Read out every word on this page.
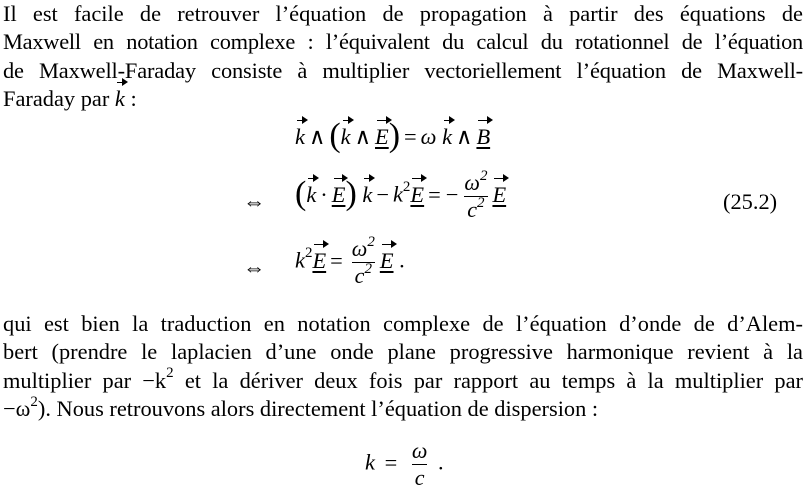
Il est facile de retrouver l’équation de propagation à partir des équations de

Maxwell en notation complexe : l’équivalent du calcul du rotationnel de l’équation

de Maxwell-Faraday consiste à multiplier vectoriellement l’équation de Maxwell-

Faraday par k :

k ∧ (k ∧ E) = ω k ∧ B
⇔ (k · E) $k - k^2E$ = − $\frac{\omega^2}{c^2}$ E	(25.2)
⇔ $k^2E = \frac{\omega^2}{c^2}$ E .

qui est bien la traduction en notation complexe de l’équation d’onde de d’Alem-

bert (prendre le laplacien d’une onde plane progressive harmonique revient à la

multiplier par $-k^2$ et la dériver deux fois par rapport au temps à la multiplier par

$-\omega^2$). Nous retrouvons alors directement l’équation de dispersion :

$k = \frac{\omega}{c}$ .
